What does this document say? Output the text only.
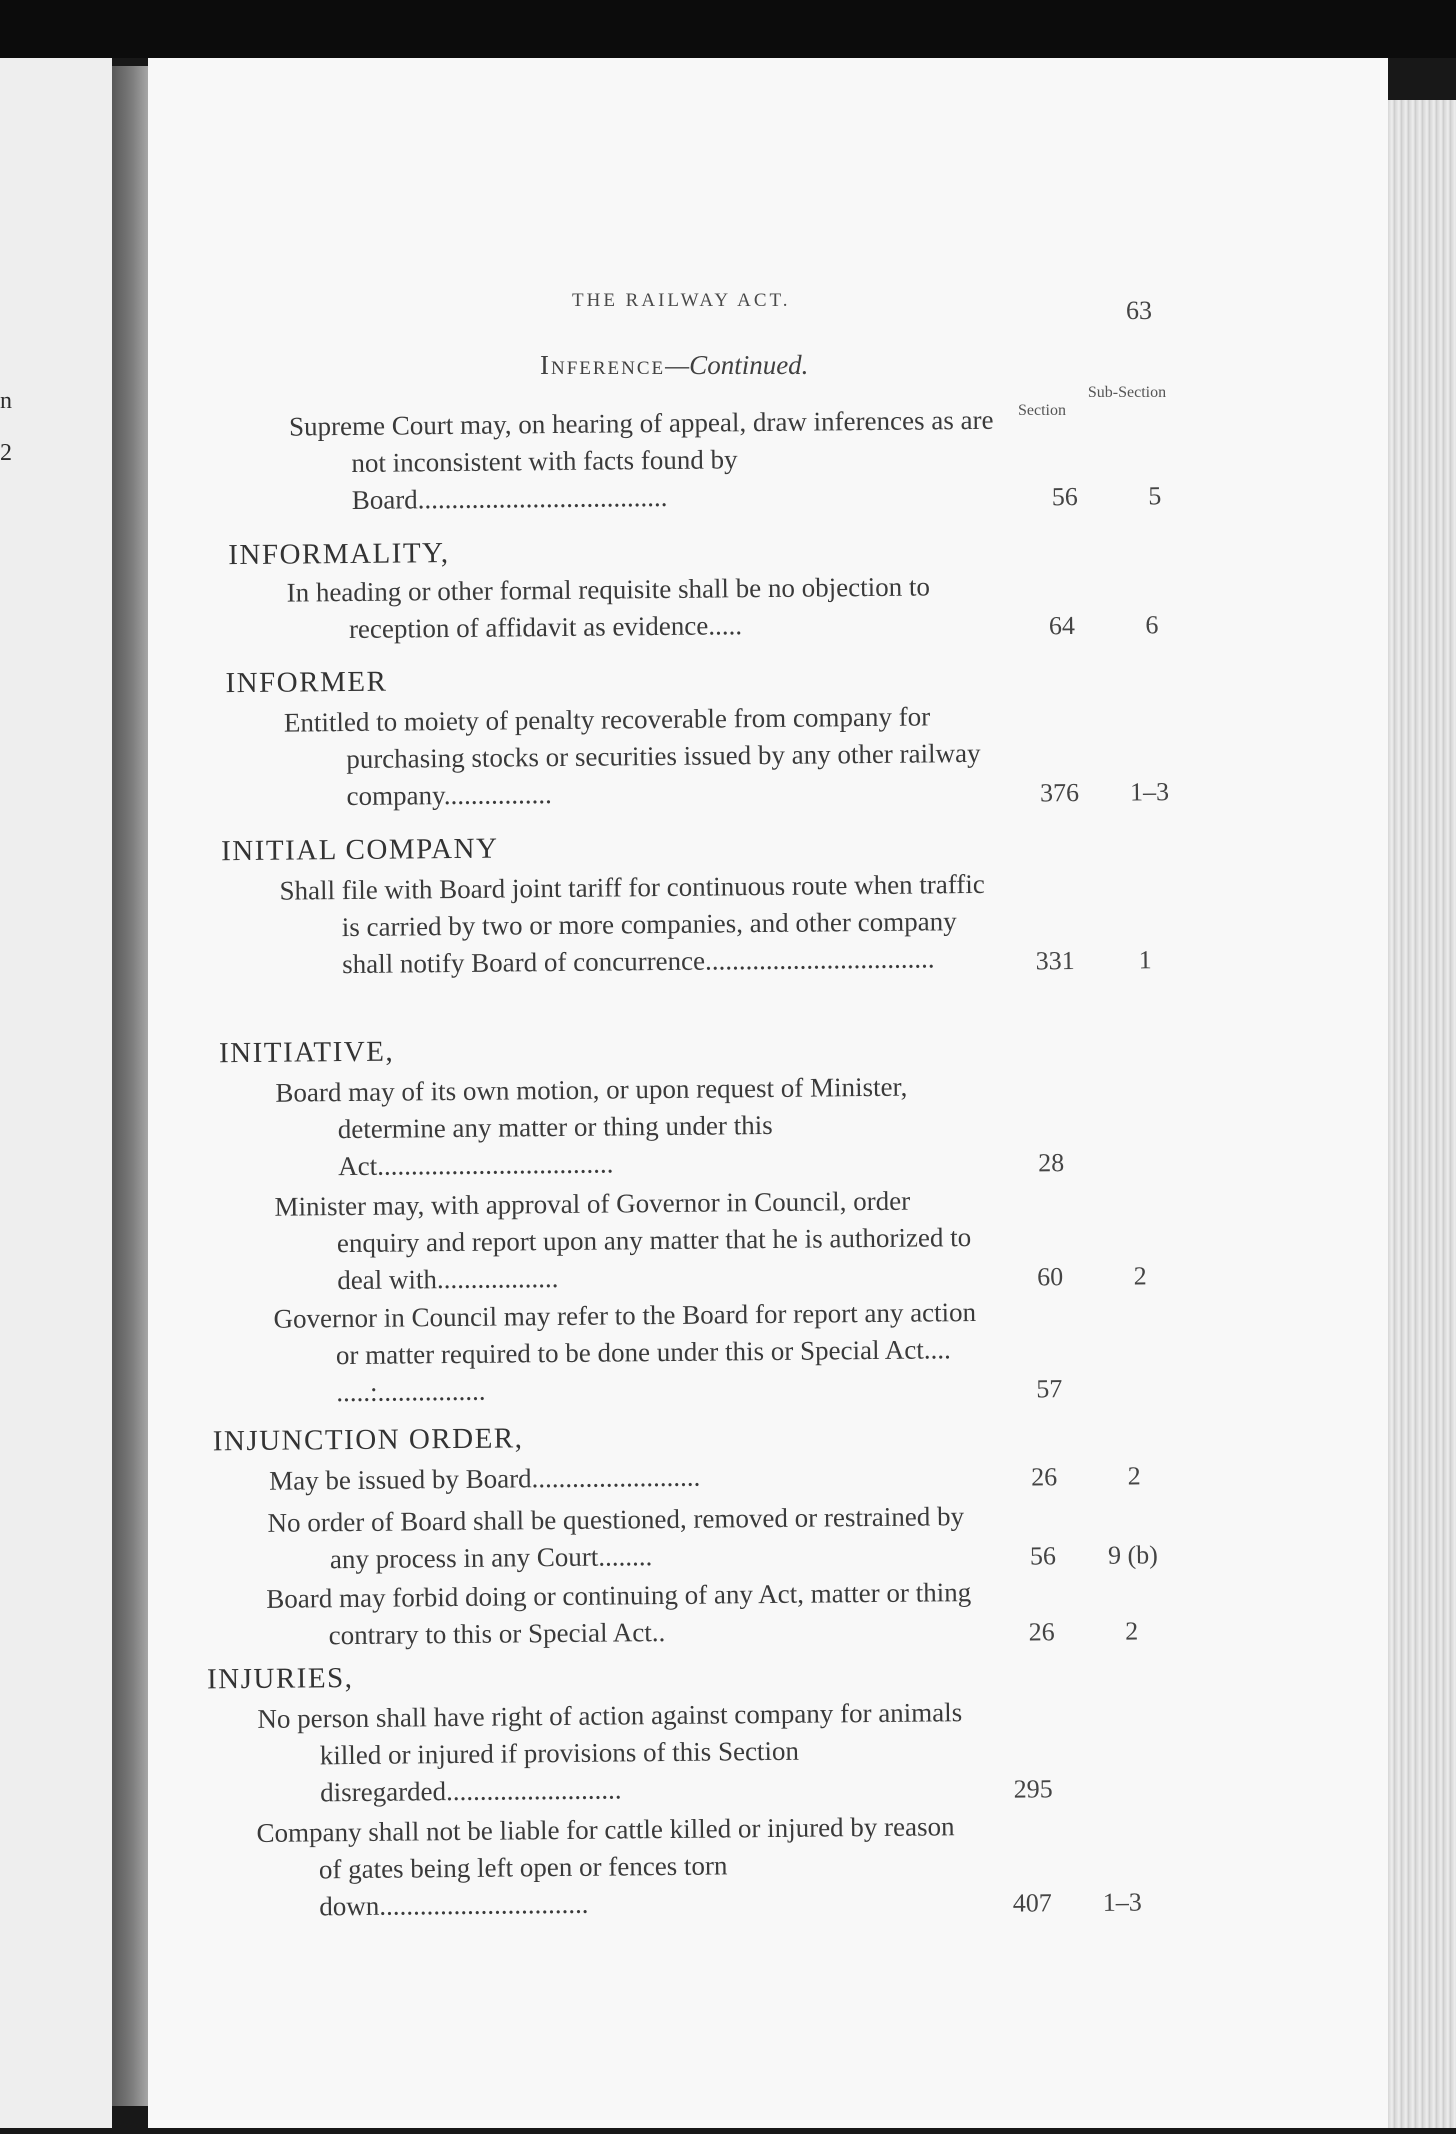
n
2
THE RAILWAY ACT.	63
Inference—Continued.
Section
Sub-Section
Supreme Court may, on hearing of appeal, draw inferences as are not inconsistent with facts found by Board.....................................	56	5
INFORMALITY,
In heading or other formal requisite shall be no objection to reception of affidavit as evidence.....	64	6
INFORMER
Entitled to moiety of penalty recoverable from company for purchasing stocks or securities issued by any other railway company................	376	1–3
INITIAL COMPANY
Shall file with Board joint tariff for continuous route when traffic is carried by two or more companies, and other company shall notify Board of concurrence..................................	331	1
INITIATIVE,
Board may of its own motion, or upon request of Minister, determine any matter or thing under this Act...................................	28
Minister may, with approval of Governor in Council, order enquiry and report upon any matter that he is authorized to deal with..................	60	2
Governor in Council may refer to the Board for report any action or matter required to be done under this or Special Act.... .....:................	57
INJUNCTION ORDER,
May be issued by Board.........................	26	2
No order of Board shall be questioned, removed or restrained by any process in any Court........	56	9 (b)
Board may forbid doing or continuing of any Act, matter or thing contrary to this or Special Act..	26	2
INJURIES,
No person shall have right of action against company for animals killed or injured if provisions of this Section disregarded..........................	295
Company shall not be liable for cattle killed or injured by reason of gates being left open or fences torn down...............................	407	1–3
